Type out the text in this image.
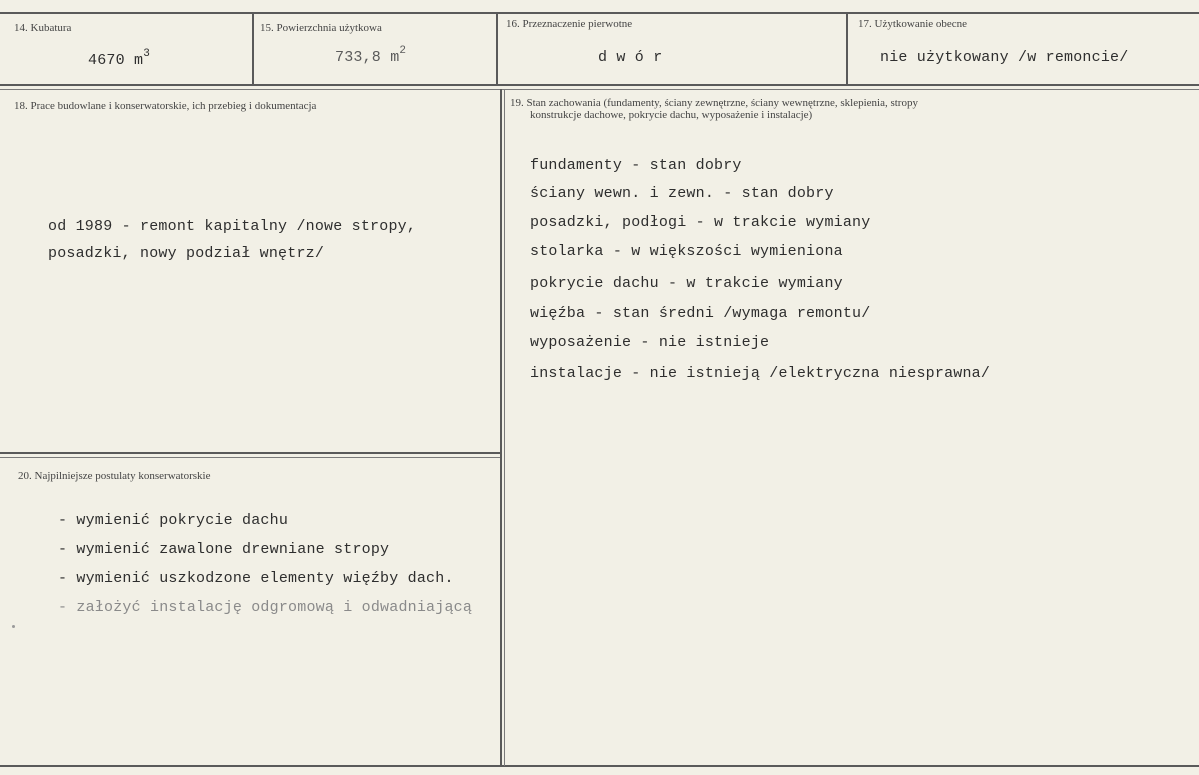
14. Kubatura
4670 $m^3$
15. Powierzchnia użytkowa
733,8 $m^2$
16. Przeznaczenie pierwotne
d w ó r
17. Użytkowanie obecne
nie użytkowany /w remoncie/
18. Prace budowlane i konserwatorskie, ich przebieg i dokumentacja
od 1989 - remont kapitalny /nowe stropy,
posadzki, nowy podział wnętrz/
19. Stan zachowania (fundamenty, ściany zewnętrzne, ściany wewnętrzne, sklepienia, stropy
konstrukcje dachowe, pokrycie dachu, wyposażenie i instalacje)
fundamenty - stan dobry
ściany wewn. i zewn. - stan dobry
posadzki, podłogi - w trakcie wymiany
stolarka - w większości wymieniona
pokrycie dachu - w trakcie wymiany
więźba - stan średni /wymaga remontu/
wyposażenie - nie istnieje
instalacje - nie istnieją /elektryczna niesprawna/
20. Najpilniejsze postulaty konserwatorskie
- wymienić pokrycie dachu
- wymienić zawalone drewniane stropy
- wymienić uszkodzone elementy więźby dach.
- założyć instalację odgromową i odwadniającą
